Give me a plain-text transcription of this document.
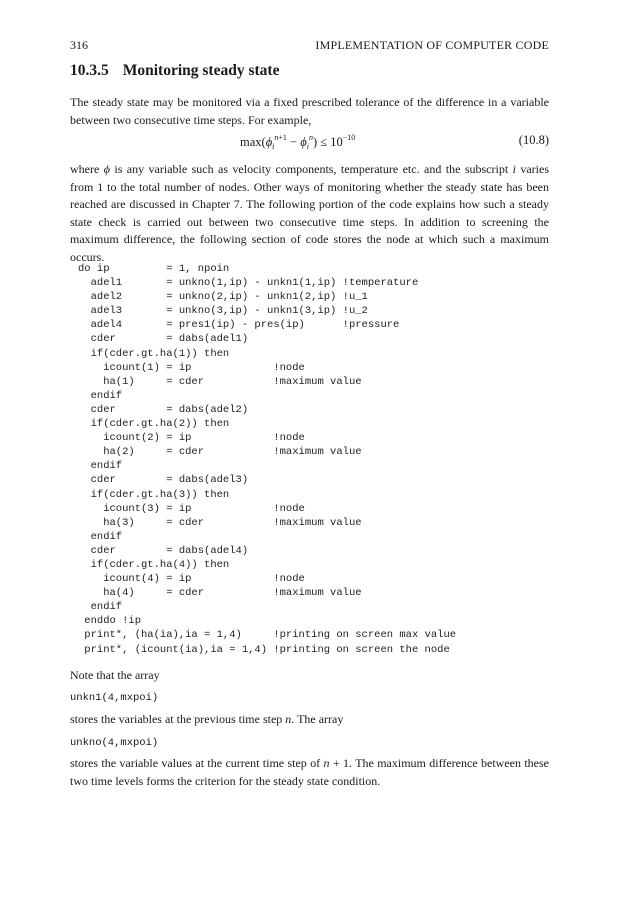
316	IMPLEMENTATION OF COMPUTER CODE
10.3.5 Monitoring steady state

The steady state may be monitored via a fixed prescribed tolerance of the difference in a variable between two consecutive time steps. For example,

$\max(\phi_i^{n+1} - \phi_i^n) \le 10^{-10}$	(10.8)

where ϕ is any variable such as velocity components, temperature etc. and the subscript i varies from 1 to the total number of nodes. Other ways of monitoring whether the steady state has been reached are discussed in Chapter 7. The following portion of the code explains how such a steady state check is carried out between two consecutive time steps. In addition to screening the maximum difference, the following section of code stores the node at which such a maximum occurs.

do ip         = 1, npoin
adel1       = unkno(1,ip) - unkn1(1,ip) !temperature
adel2       = unkno(2,ip) - unkn1(2,ip) !u_1
adel3       = unkno(3,ip) - unkn1(3,ip) !u_2
adel4       = pres1(ip) - pres(ip)      !pressure
cder        = dabs(adel1)
if(cder.gt.ha(1)) then
icount(1) = ip             !node
ha(1)     = cder           !maximum value
endif
cder        = dabs(adel2)
if(cder.gt.ha(2)) then
icount(2) = ip             !node
ha(2)     = cder           !maximum value
endif
cder        = dabs(adel3)
if(cder.gt.ha(3)) then
icount(3) = ip             !node
ha(3)     = cder           !maximum value
endif
cder        = dabs(adel4)
if(cder.gt.ha(4)) then
icount(4) = ip             !node
ha(4)     = cder           !maximum value
endif
enddo !ip
print*, (ha(ia),ia = 1,4)     !printing on screen max value
print*, (icount(ia),ia = 1,4) !printing on screen the node

Note that the array

unkn1(4,mxpoi)

stores the variables at the previous time step n. The array

unkno(4,mxpoi)

stores the variable values at the current time step of n + 1. The maximum difference between these two time levels forms the criterion for the steady state condition.
